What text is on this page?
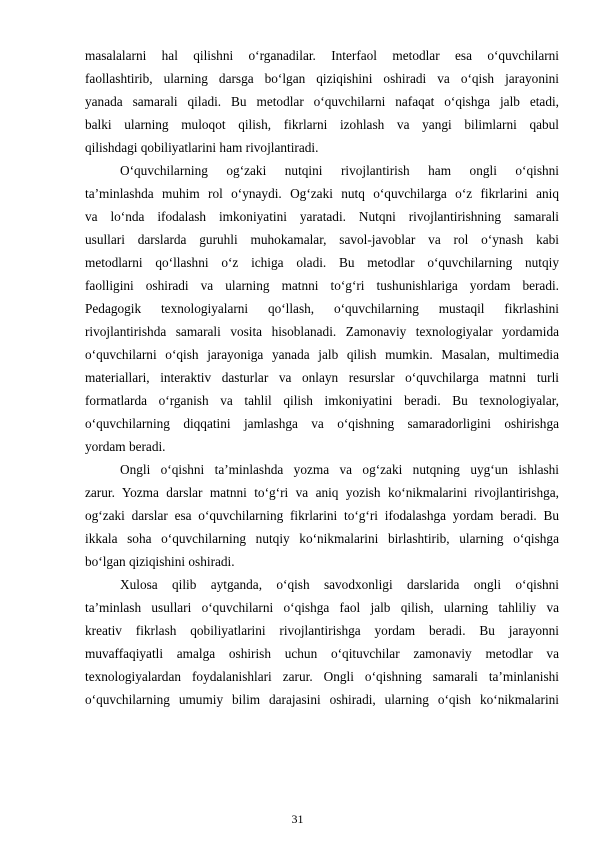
masalalarni hal qilishni o‘rganadilar. Interfaol metodlar esa o‘quvchilarni
faollashtirib, ularning darsga bo‘lgan qiziqishini oshiradi va o‘qish jarayonini
yanada samarali qiladi. Bu metodlar o‘quvchilarni nafaqat o‘qishga jalb etadi,
balki ularning muloqot qilish, fikrlarni izohlash va yangi bilimlarni qabul
qilishdagi qobiliyatlarini ham rivojlantiradi.
O‘quvchilarning og‘zaki nutqini rivojlantirish ham ongli o‘qishni
ta’minlashda muhim rol o‘ynaydi. Og‘zaki nutq o‘quvchilarga o‘z fikrlarini aniq
va lo‘nda ifodalash imkoniyatini yaratadi. Nutqni rivojlantirishning samarali
usullari darslarda guruhli muhokamalar, savol-javoblar va rol o‘ynash kabi
metodlarni qo‘llashni o‘z ichiga oladi. Bu metodlar o‘quvchilarning nutqiy
faolligini oshiradi va ularning matnni to‘g‘ri tushunishlariga yordam beradi.
Pedagogik texnologiyalarni qo‘llash, o‘quvchilarning mustaqil fikrlashini
rivojlantirishda samarali vosita hisoblanadi. Zamonaviy texnologiyalar yordamida
o‘quvchilarni o‘qish jarayoniga yanada jalb qilish mumkin. Masalan, multimedia
materiallari, interaktiv dasturlar va onlayn resurslar o‘quvchilarga matnni turli
formatlarda o‘rganish va tahlil qilish imkoniyatini beradi. Bu texnologiyalar,
o‘quvchilarning diqqatini jamlashga va o‘qishning samaradorligini oshirishga
yordam beradi.
Ongli o‘qishni ta’minlashda yozma va og‘zaki nutqning uyg‘un ishlashi
zarur. Yozma darslar matnni to‘g‘ri va aniq yozish ko‘nikmalarini rivojlantirishga,
og‘zaki darslar esa o‘quvchilarning fikrlarini to‘g‘ri ifodalashga yordam beradi. Bu
ikkala soha o‘quvchilarning nutqiy ko‘nikmalarini birlashtirib, ularning o‘qishga
bo‘lgan qiziqishini oshiradi.
Xulosa qilib aytganda, o‘qish savodxonligi darslarida ongli o‘qishni
ta’minlash usullari o‘quvchilarni o‘qishga faol jalb qilish, ularning tahliliy va
kreativ fikrlash qobiliyatlarini rivojlantirishga yordam beradi. Bu jarayonni
muvaffaqiyatli amalga oshirish uchun o‘qituvchilar zamonaviy metodlar va
texnologiyalardan foydalanishlari zarur. Ongli o‘qishning samarali ta’minlanishi
o‘quvchilarning umumiy bilim darajasini oshiradi, ularning o‘qish ko‘nikmalarini
31
